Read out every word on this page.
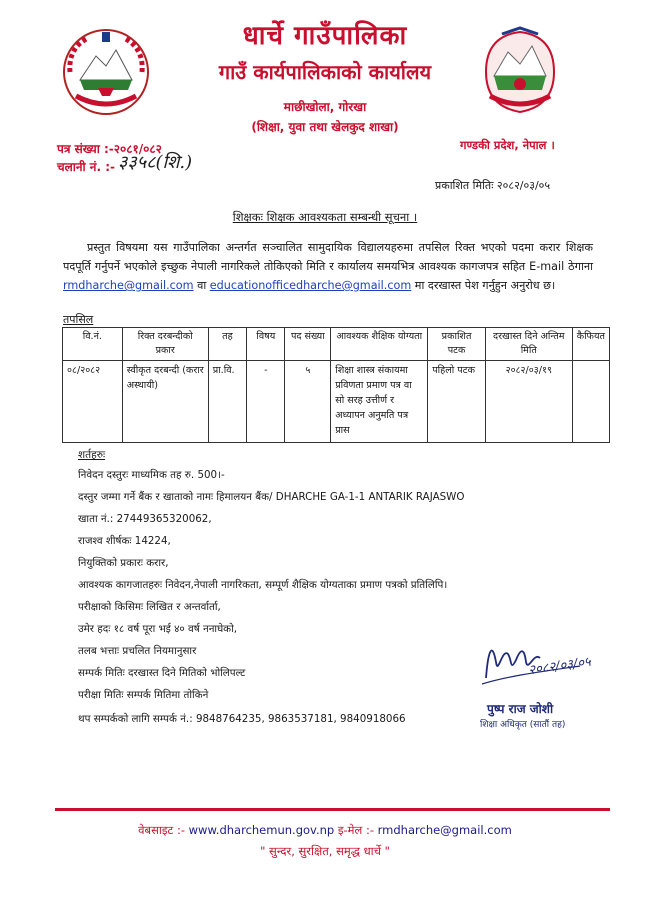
धार्चे गाउँपालिका
गाउँ कार्यपालिकाको कार्यालय
माछीखोला, गोरखा
(शिक्षा, युवा तथा खेलकुद शाखा)
पत्र संख्या :-२०८१/०८२
चलानी नं. :- ३३५८(शि.)
गण्डकी प्रदेश, नेपाल ।
प्रकाशित मितिः २०८२/०३/०५
शिक्षकः शिक्षक आवश्यकता सम्बन्धी सूचना ।
प्रस्तुत विषयमा यस गाउँपालिका अन्तर्गत सञ्चालित सामुदायिक विद्यालयहरुमा तपसिल रिक्त भएको पदमा करार शिक्षक पदपूर्ति गर्नुपर्ने भएकोले इच्छुक नेपाली नागरिकले तोकिएको मिति र कार्यालय समयभित्र आवश्यक कागजपत्र सहित E-mail ठेगाना rmdharche@gmail.com वा educationofficedharche@gmail.com मा दरखास्त पेश गर्नुहुन अनुरोध छ।
तपसिल
वि.नं.	रिक्त दरबन्दीको प्रकार	तह	विषय	पद संख्या	आवश्यक शैक्षिक योग्यता	प्रकाशित पटक	दरखास्त दिने अन्तिम मिति	कैफियत
०८/२०८२	स्वीकृत दरबन्दी (करार अस्थायी)	प्रा.वि.	-	५	शिक्षा शास्त्र संकायमा प्रविणता प्रमाण पत्र वा सो सरह उत्तीर्ण र अध्यापन अनुमति पत्र प्रास	पहिलो पटक	२०८२/०३/१९	
शर्तहरुः
निवेदन दस्तुरः माध्यमिक तह रु. 500।-
दस्तुर जम्मा गर्ने बैंक र खाताको नामः हिमालयन बैंक/ DHARCHE GA-1-1 ANTARIK RAJASWO
खाता नं.: 27449365320062,
राजश्व शीर्षकः 14224,
नियुक्तिको प्रकारः करार,
आवश्यक कागजातहरुः निवेदन,नेपाली नागरिकता, सम्पूर्ण शैक्षिक योग्यताका प्रमाण पत्रको प्रतिलिपि।
परीक्षाको किसिमः लिखित र अन्तर्वार्ता,
उमेर हदः १८ वर्ष पूरा भई ४० वर्ष ननाघेको,
तलब भत्ताः प्रचलित नियमानुसार
सम्पर्क मितिः दरखास्त दिने मितिको भोलिपल्ट
परीक्षा मितिः सम्पर्क मितिमा तोकिने
थप सम्पर्कको लागि सम्पर्क नं.: 9848764235, 9863537181, 9840918066
२०८२/०३/०५
पुष्प राज जोशी
शिक्षा अधिकृत (सातौं तह)
वेबसाइट :- www.dharchemun.gov.np इ-मेल :- rmdharche@gmail.com
" सुन्दर, सुरक्षित, समृद्ध धार्चे "
